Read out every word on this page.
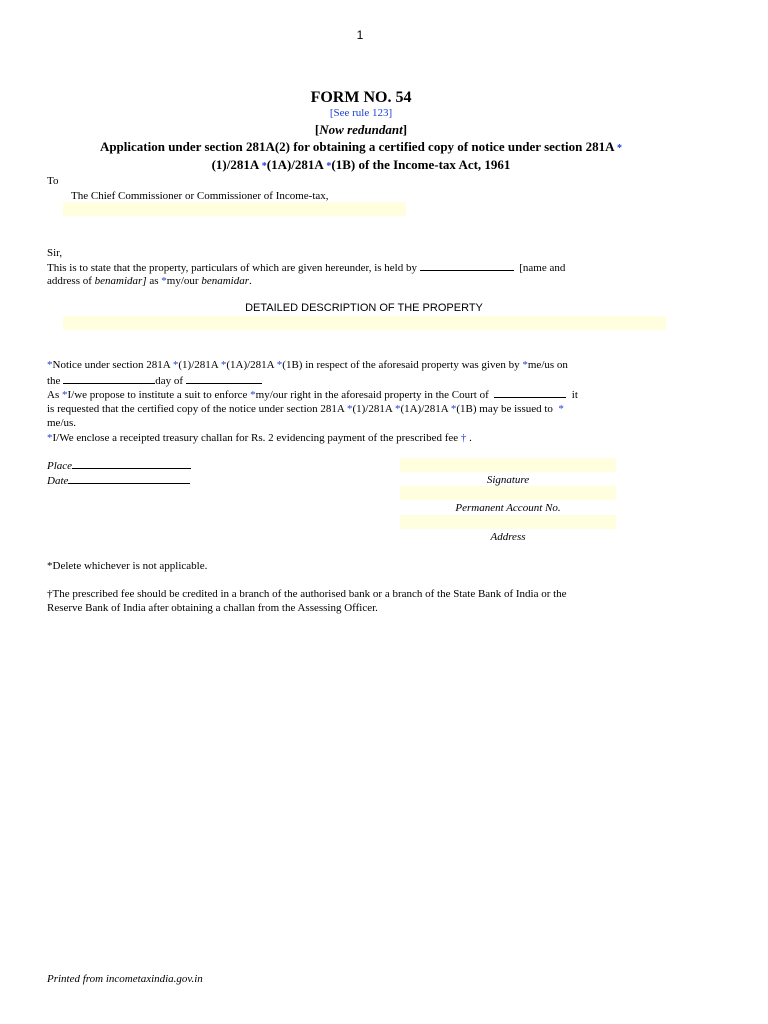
1
FORM NO. 54
[See rule 123]
[Now redundant]
Application under section 281A(2) for obtaining a certified copy of notice under section 281A *
(1)/281A *(1A)/281A *(1B) of the Income-tax Act, 1961
To
The Chief Commissioner or Commissioner of Income-tax,
Sir,
This is to state that the property, particulars of which are given hereunder, is held by	[name and
address of benamidar] as *my/our benamidar.
DETAILED DESCRIPTION OF THE PROPERTY
*Notice under section 281A *(1)/281A *(1A)/281A *(1B) in respect of the aforesaid property was given by *me/us on
the	day of
As *I/we propose to institute a suit to enforce *my/our right in the aforesaid property in the Court of	it
is requested that the certified copy of the notice under section 281A *(1)/281A *(1A)/281A *(1B) may be issued to *
me/us.
*I/We enclose a receipted treasury challan for Rs. 2 evidencing payment of the prescribed fee † .
Place
Date	Signature
Permanent Account No.
Address
*Delete whichever is not applicable.
†The prescribed fee should be credited in a branch of the authorised bank or a branch of the State Bank of India or the
Reserve Bank of India after obtaining a challan from the Assessing Officer.
Printed from incometaxindia.gov.in
